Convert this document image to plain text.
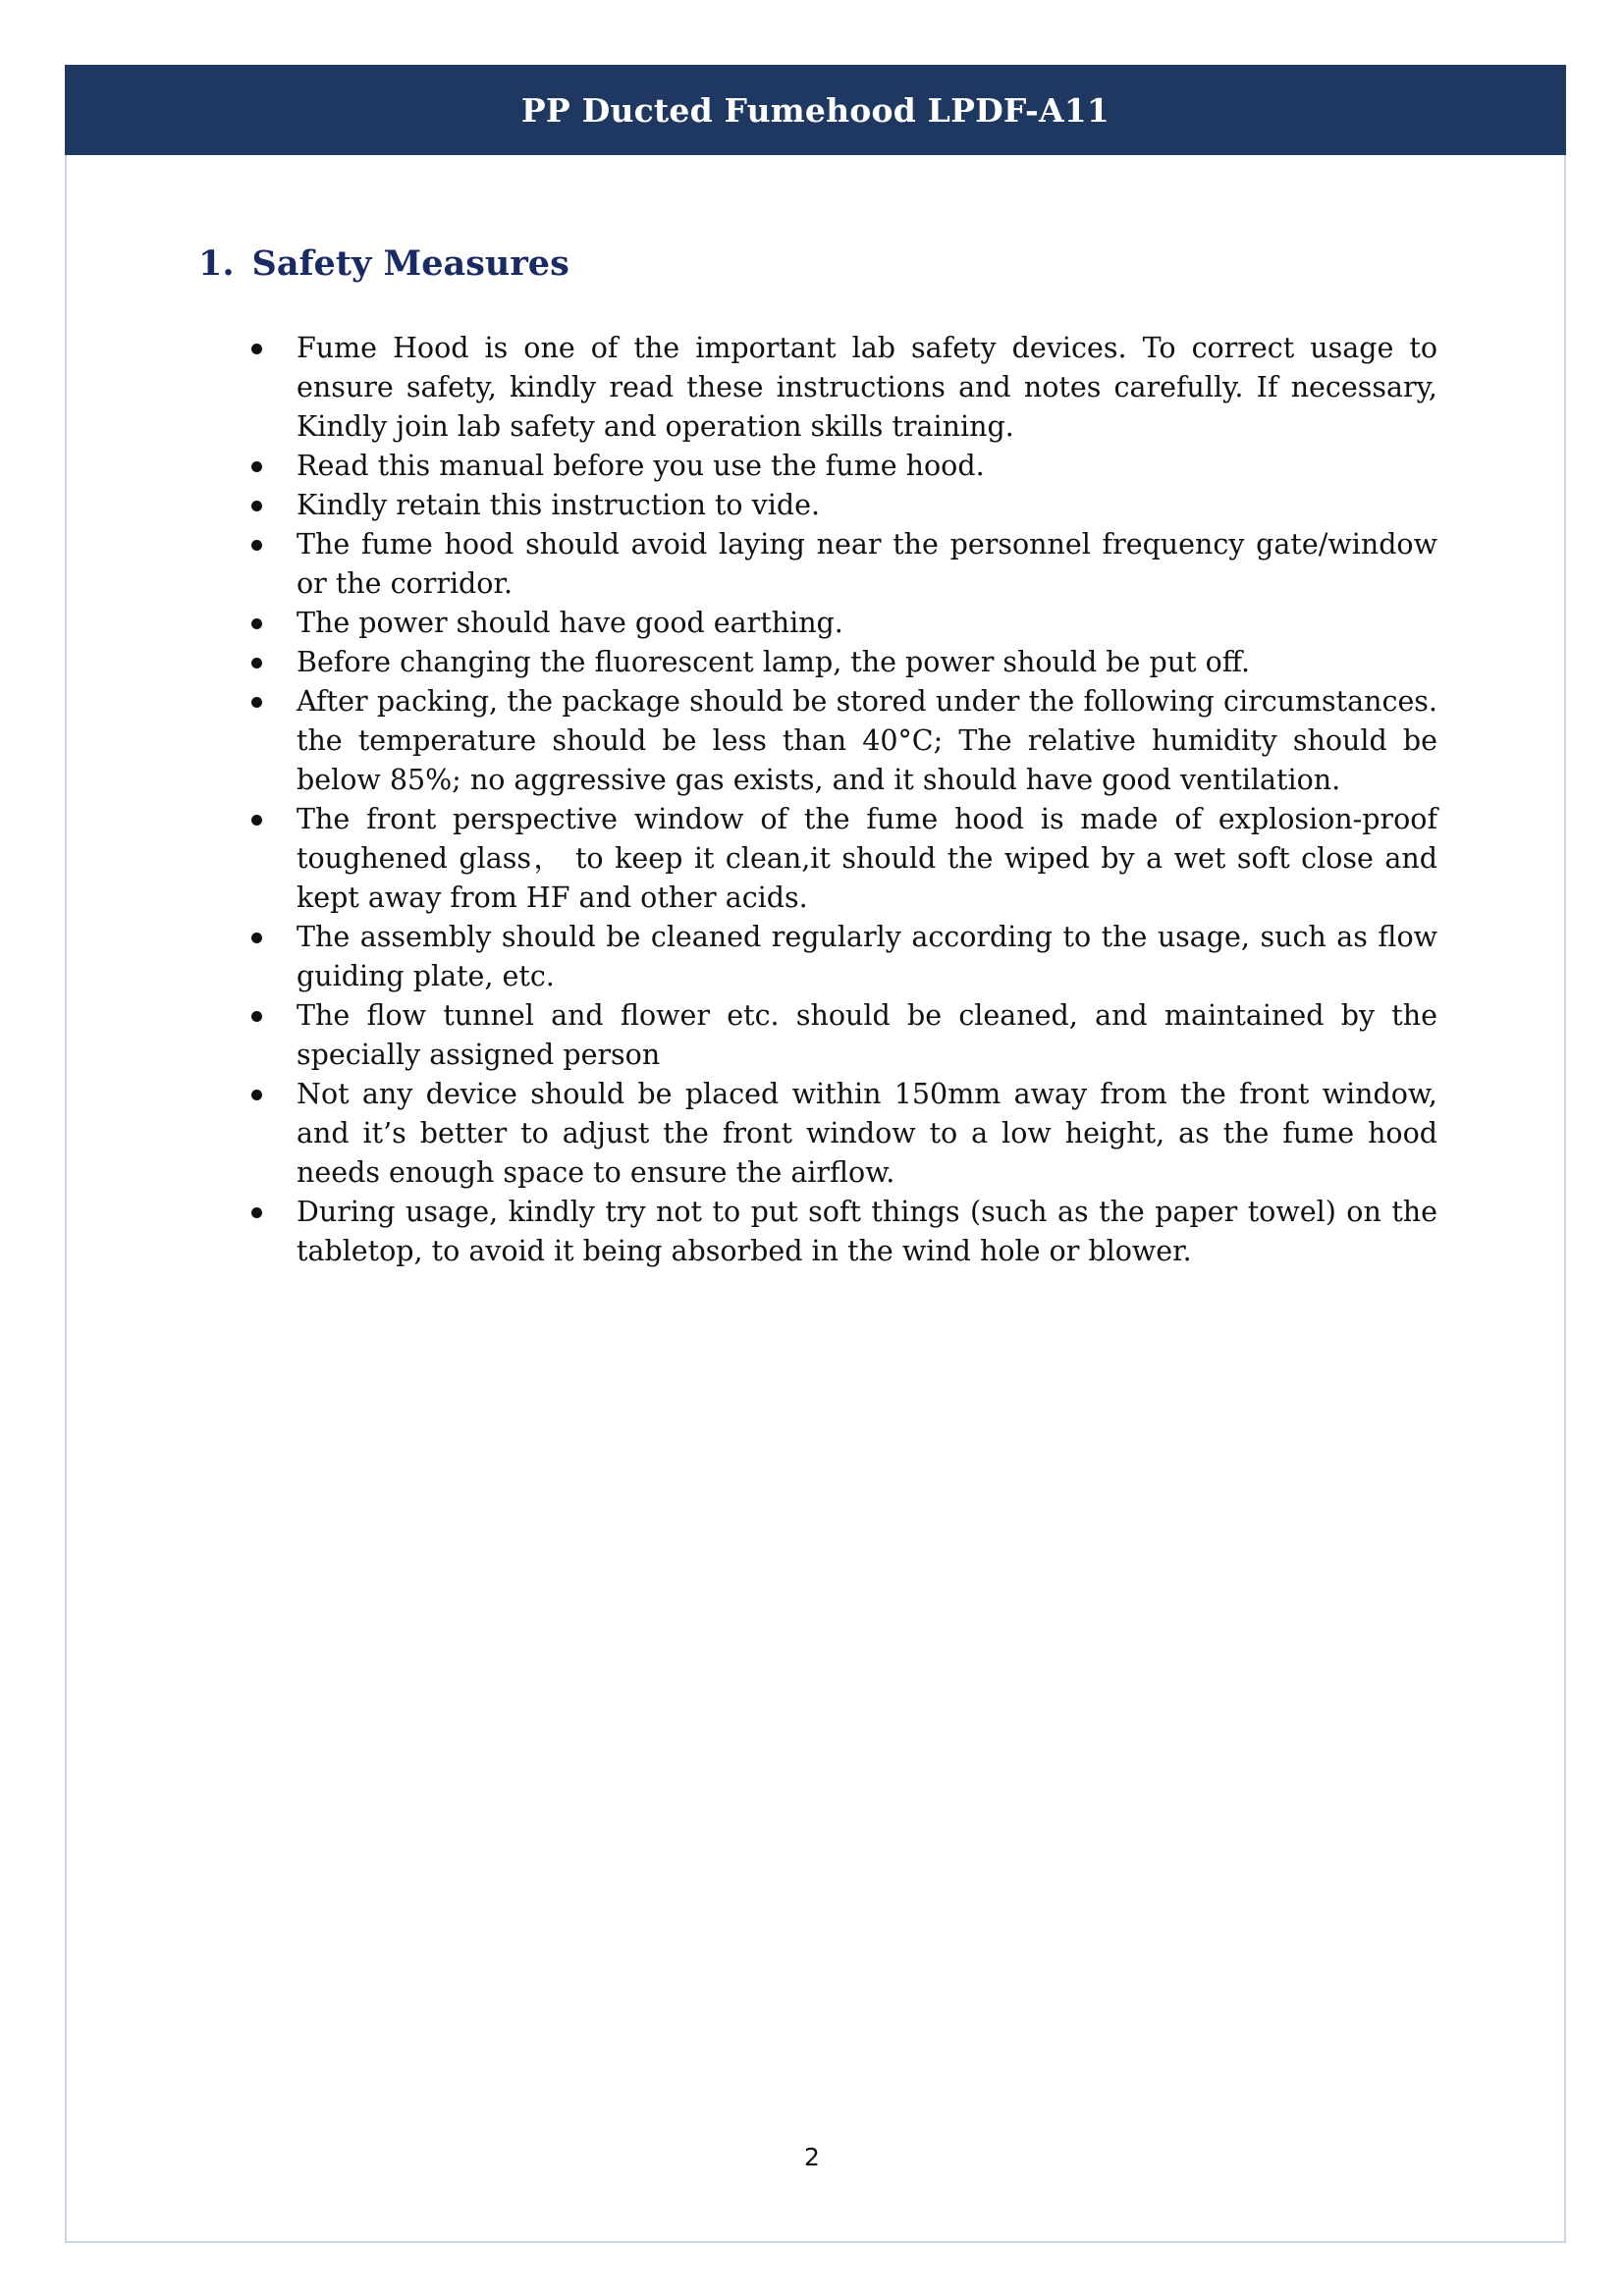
PP Ducted Fumehood LPDF-A11
1. Safety Measures
Fume Hood is one of the important lab safety devices. To correct usage to ensure safety, kindly read these instructions and notes carefully. If necessary, Kindly join lab safety and operation skills training.
Read this manual before you use the fume hood.
Kindly retain this instruction to vide.
The fume hood should avoid laying near the personnel frequency gate/window or the corridor.
The power should have good earthing.
Before changing the fluorescent lamp, the power should be put off.
After packing, the package should be stored under the following circumstances. the temperature should be less than 40°C; The relative humidity should be below 85%; no aggressive gas exists, and it should have good ventilation.
The front perspective window of the fume hood is made of explosion-proof toughened glass， to keep it clean,it should the wiped by a wet soft close and kept away from HF and other acids.
The assembly should be cleaned regularly according to the usage, such as flow guiding plate, etc.
The flow tunnel and flower etc. should be cleaned, and maintained by the specially assigned person
Not any device should be placed within 150mm away from the front window, and it’s better to adjust the front window to a low height, as the fume hood needs enough space to ensure the airflow.
During usage, kindly try not to put soft things (such as the paper towel) on the tabletop, to avoid it being absorbed in the wind hole or blower.
2
